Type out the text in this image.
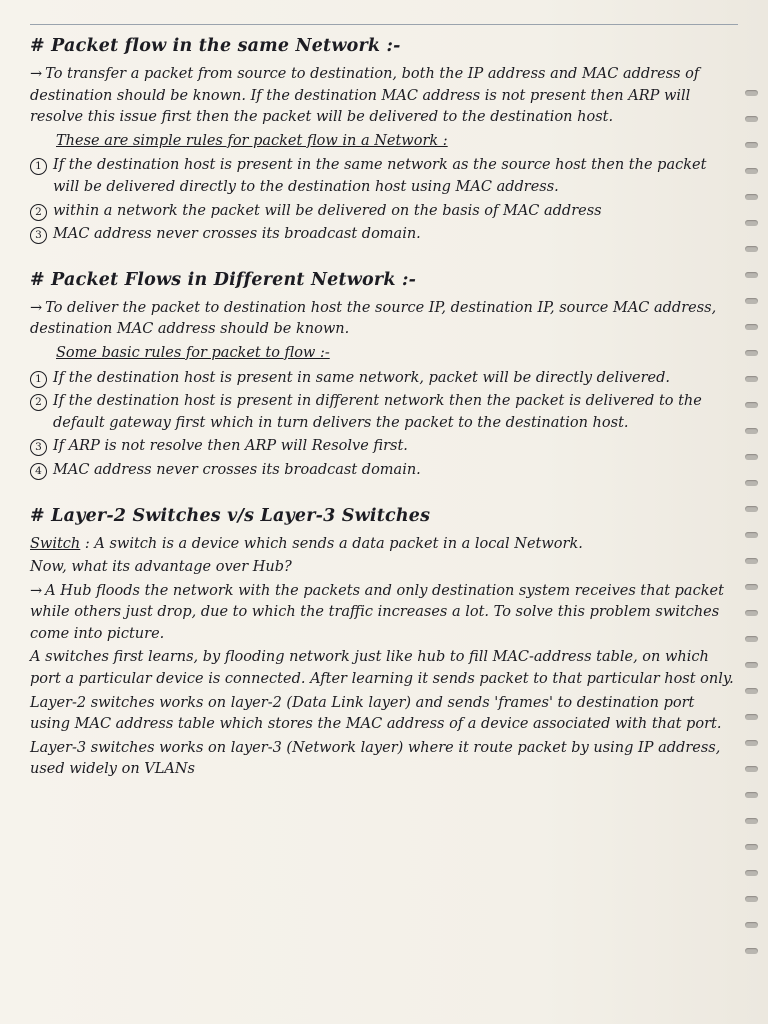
# Packet flow in the same Network :-
→ To transfer a packet from source to destination, both the IP address and MAC address of destination should be known. If the destination MAC address is not present then ARP will resolve this issue first then the packet will be delivered to the destination host.
These are simple rules for packet flow in a Network :
1 If the destination host is present in the same network as the source host then the packet will be delivered directly to the destination host using MAC address.
2 within a network the packet will be delivered on the basis of MAC address
3 MAC address never crosses its broadcast domain.
# Packet Flows in Different Network :-
→ To deliver the packet to destination host the source IP, destination IP, source MAC address, destination MAC address should be known.
Some basic rules for packet to flow :-
1 If the destination host is present in same network, packet will be directly delivered.
2 If the destination host is present in different network then the packet is delivered to the default gateway first which in turn delivers the packet to the destination host.
3 If ARP is not resolve then ARP will Resolve first.
4 MAC address never crosses its broadcast domain.
# Layer-2 Switches v/s Layer-3 Switches
Switch : A switch is a device which sends a data packet in a local Network.
Now, what its advantage over Hub?
→ A Hub floods the network with the packets and only destination system receives that packet while others just drop, due to which the traffic increases a lot. To solve this problem switches come into picture.
A switches first learns, by flooding network just like hub to fill MAC-address table, on which port a particular device is connected. After learning it sends packet to that particular host only.
Layer-2 switches works on layer-2 (Data Link layer) and sends 'frames' to destination port using MAC address table which stores the MAC address of a device associated with that port.
Layer-3 switches works on layer-3 (Network layer) where it route packet by using IP address, used widely on VLANs
